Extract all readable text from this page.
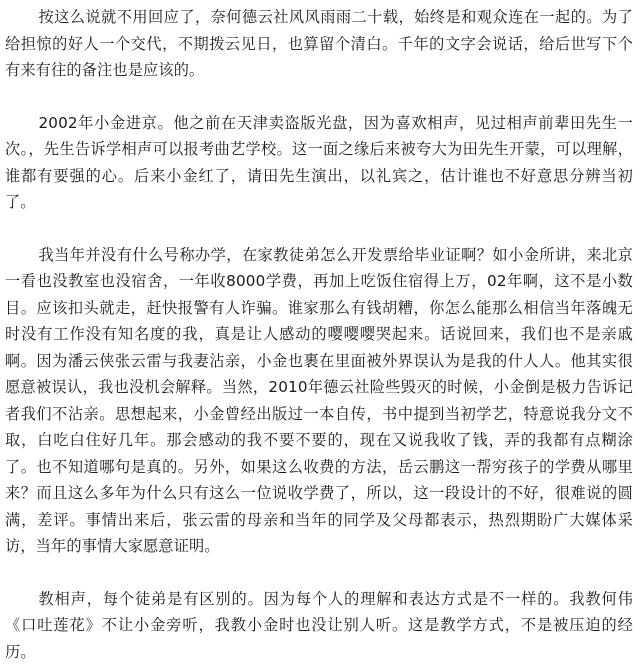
按这么说就不用回应了，奈何德云社风风雨雨二十载，始终是和观众连在一起的。为了给担惊的好人一个交代，不期拨云见日，也算留个清白。千年的文字会说话，给后世写下个有来有往的备注也是应该的。

2002年小金进京。他之前在天津卖盗版光盘，因为喜欢相声，见过相声前辈田先生一次。，先生告诉学相声可以报考曲艺学校。这一面之缘后来被夸大为田先生开蒙，可以理解，谁都有要强的心。后来小金红了，请田先生演出，以礼宾之，估计谁也不好意思分辨当初了。

我当年并没有什么号称办学，在家教徒弟怎么开发票给毕业证啊？如小金所讲，来北京一看也没教室也没宿舍，一年收8000学费，再加上吃饭住宿得上万，02年啊，这不是小数目。应该扣头就走，赶快报警有人诈骗。谁家那么有钱胡糟，你怎么能那么相信当年落魄无时没有工作没有知名度的我，真是让人感动的嘤嘤嘤哭起来。话说回来，我们也不是亲戚啊。因为潘云侠张云雷与我妻沾亲，小金也裹在里面被外界误认为是我的什人人。他其实很愿意被误认，我也没机会解释。当然，2010年德云社险些毁灭的时候，小金倒是极力告诉记者我们不沾亲。思想起来，小金曾经出版过一本自传，书中提到当初学艺，特意说我分文不取，白吃白住好几年。那会感动的我不要不要的，现在又说我收了钱，弄的我都有点糊涂了。也不知道哪句是真的。另外，如果这么收费的方法，岳云鹏这一帮穷孩子的学费从哪里来？而且这么多年为什么只有这么一位说收学费了，所以，这一段设计的不好，很难说的圆满，差评。事情出来后，张云雷的母亲和当年的同学及父母都表示，热烈期盼广大媒体采访，当年的事情大家愿意证明。

教相声，每个徒弟是有区别的。因为每个人的理解和表达方式是不一样的。我教何伟《口吐莲花》不让小金旁听，我教小金时也没让别人听。这是教学方式，不是被压迫的经历。
